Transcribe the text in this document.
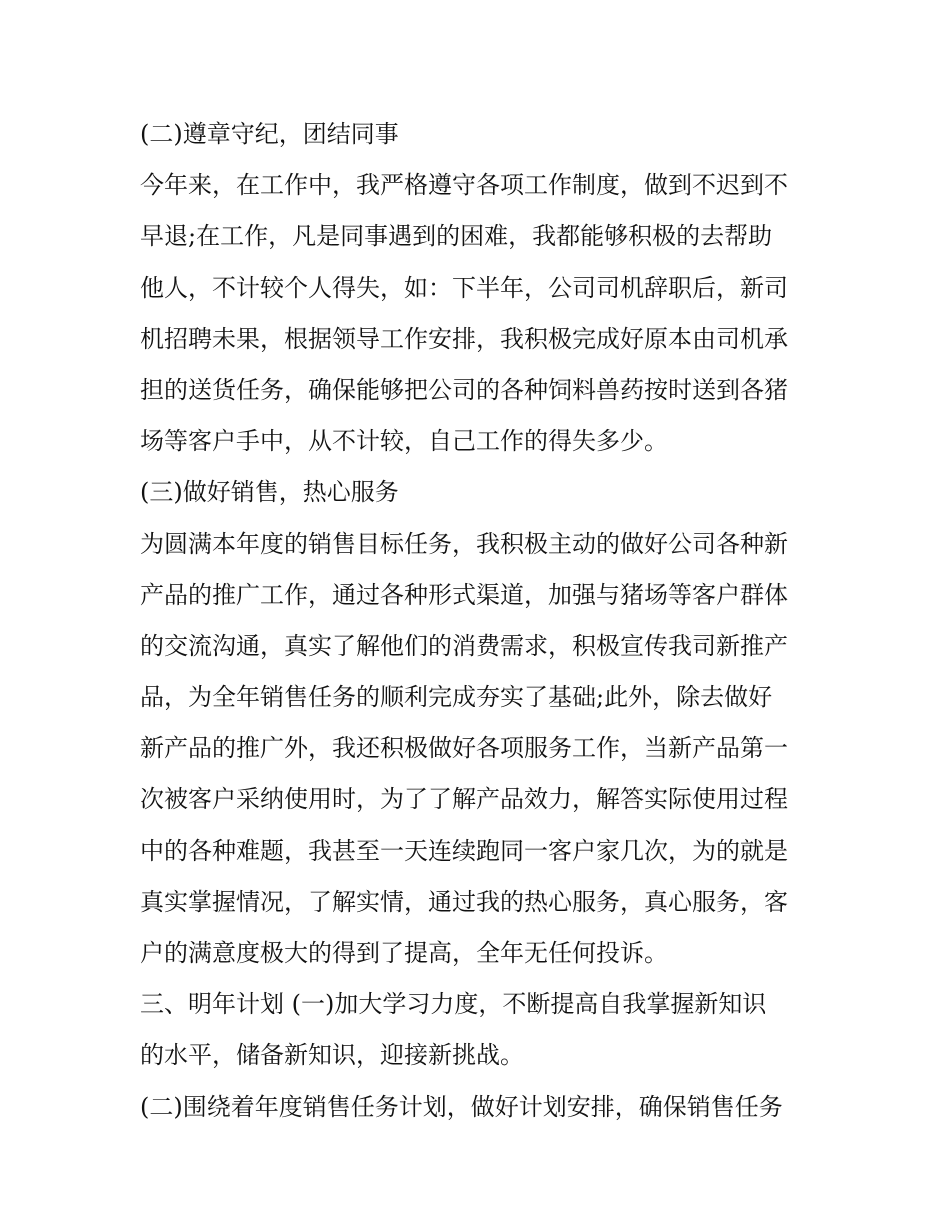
(二)遵章守纪，团结同事
今年来，在工作中，我严格遵守各项工作制度，做到不迟到不
早退;在工作，凡是同事遇到的困难，我都能够积极的去帮助
他人，不计较个人得失，如：下半年，公司司机辞职后，新司
机招聘未果，根据领导工作安排，我积极完成好原本由司机承
担的送货任务，确保能够把公司的各种饲料兽药按时送到各猪
场等客户手中，从不计较，自己工作的得失多少。
(三)做好销售，热心服务
为圆满本年度的销售目标任务，我积极主动的做好公司各种新
产品的推广工作，通过各种形式渠道，加强与猪场等客户群体
的交流沟通，真实了解他们的消费需求，积极宣传我司新推产
品，为全年销售任务的顺利完成夯实了基础;此外，除去做好
新产品的推广外，我还积极做好各项服务工作，当新产品第一
次被客户采纳使用时，为了了解产品效力，解答实际使用过程
中的各种难题，我甚至一天连续跑同一客户家几次，为的就是
真实掌握情况，了解实情，通过我的热心服务，真心服务，客
户的满意度极大的得到了提高，全年无任何投诉。
三、明年计划 (一)加大学习力度，不断提高自我掌握新知识
的水平，储备新知识，迎接新挑战。
(二)围绕着年度销售任务计划，做好计划安排，确保销售任务
